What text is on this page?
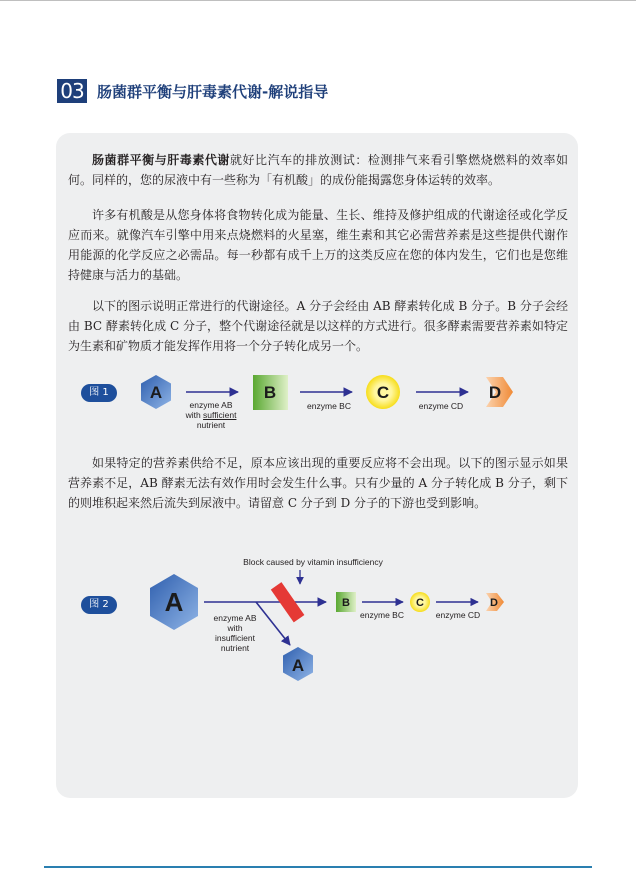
03 肠菌群平衡与肝毒素代谢-解说指导

肠菌群平衡与肝毒素代谢就好比汽车的排放测试：检测排气来看引擎燃烧燃料的效率如何。同样的，您的尿液中有一些称为「有机酸」的成份能揭露您身体运转的效率。

许多有机酸是从您身体将食物转化成为能量、生长、维持及修护组成的代谢途径或化学反应而来。就像汽车引擎中用来点烧燃料的火星塞，维生素和其它必需营养素是这些提供代谢作用能源的化学反应之必需品。每一秒都有成千上万的这类反应在您的体内发生，它们也是您维持健康与活力的基础。

以下的图示说明正常进行的代谢途径。A 分子会经由 AB 酵素转化成 B 分子。B 分子会经由 BC 酵素转化成 C 分子，整个代谢途径就是以这样的方式进行。很多酵素需要营养素如特定为生素和矿物质才能发挥作用将一个分子转化成另一个。

图 1	A	B	C	D
enzyme AB
with sufficient
nutrient
enzyme BC	enzyme CD

如果特定的营养素供给不足，原本应该出现的重要反应将不会出现。以下的图示显示如果营养素不足，AB 酵素无法有效作用时会发生什么事。只有少量的 A 分子转化成 B 分子，剩下的则堆积起来然后流失到尿液中。请留意 C 分子到 D 分子的下游也受到影响。

图 2
Block caused by vitamin insufficiency
A	B	C	D
A
enzyme AB
with
insufficient
nutrient
enzyme BC	enzyme CD
